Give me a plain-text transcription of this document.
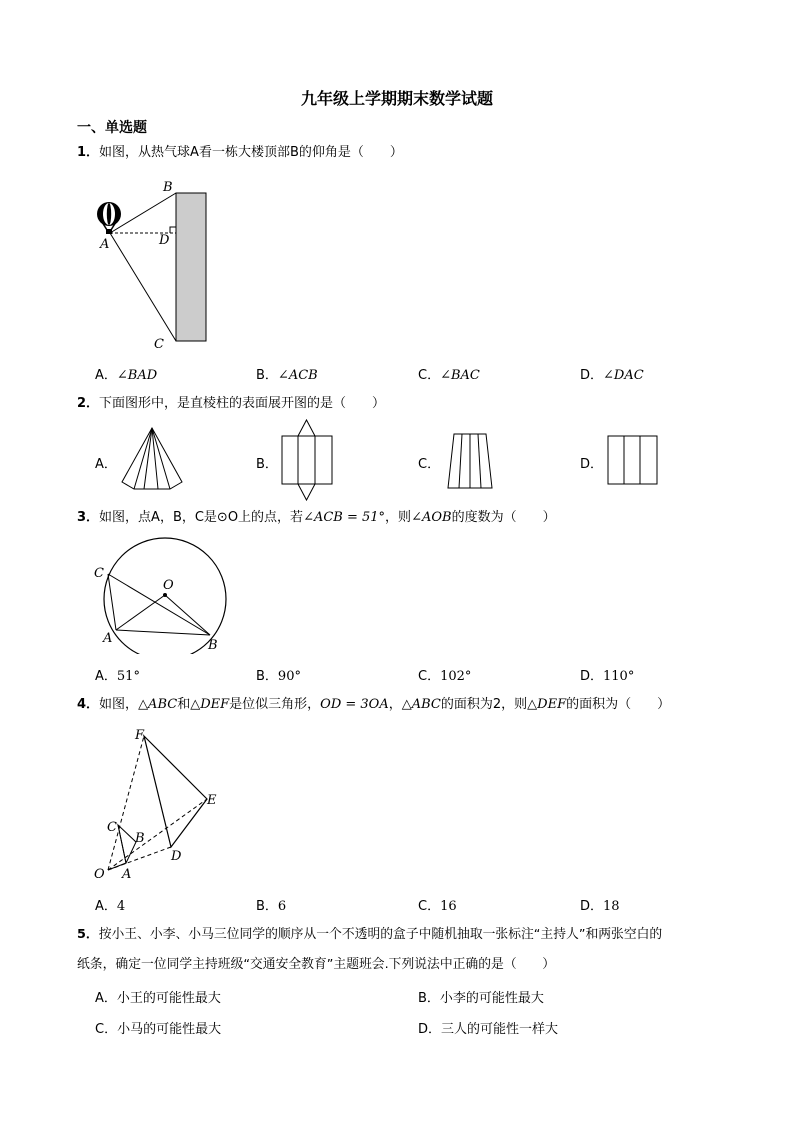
九年级上学期期末数学试题
一、单选题
1．如图，从热气球A看一栋大楼顶部B的仰角是（　　）
B
A	D
C
A．∠BAD	B．∠ACB	C．∠BAC	D．∠DAC
2．下面图形中，是直棱柱的表面展开图的是（　　）
A．	B．	C．	D．
3．如图，点A，B，C是⊙O上的点，若∠ACB = 51°，则∠AOB的度数为（　　）
C
O
A	B
A．51°	B．90°	C．102°	D．110°
4．如图，△ABC和△DEF是位似三角形，OD = 3OA，△ABC的面积为2，则△DEF的面积为（　　）
F
E
C
B
D
O A
A．4	B．6	C．16	D．18
5．按小王、小李、小马三位同学的顺序从一个不透明的盒子中随机抽取一张标注“主持人”和两张空白的
纸条，确定一位同学主持班级“交通安全教育”主题班会.下列说法中正确的是（　　）
A．小王的可能性最大	B．小李的可能性最大
C．小马的可能性最大	D．三人的可能性一样大
